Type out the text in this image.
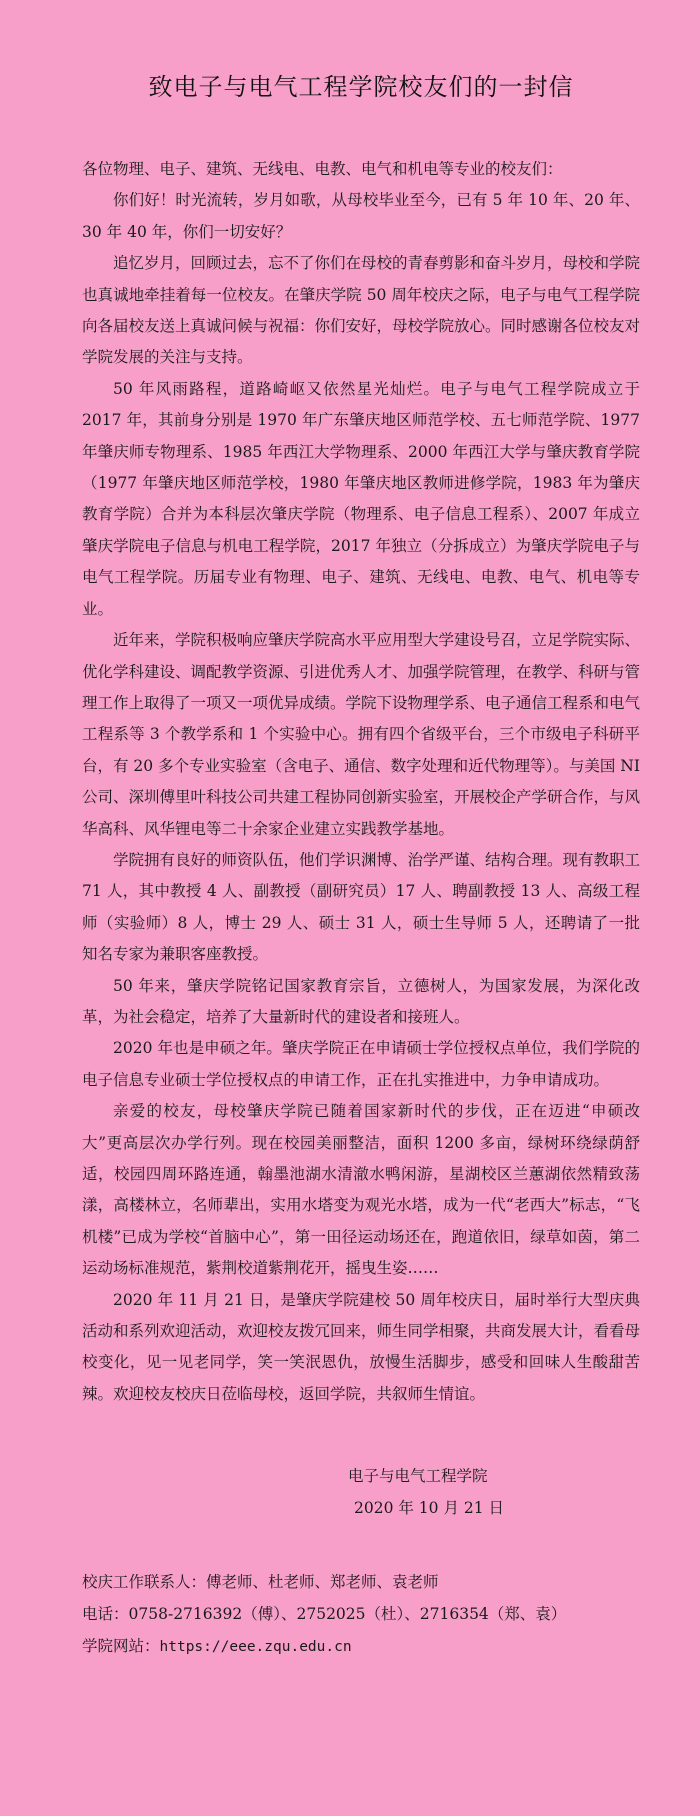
致电子与电气工程学院校友们的一封信

各位物理、电子、建筑、无线电、电教、电气和机电等专业的校友们：

你们好！时光流转，岁月如歌，从母校毕业至今，已有 5 年 10 年、20 年、30 年 40 年，你们一切安好？

追忆岁月，回顾过去，忘不了你们在母校的青春剪影和奋斗岁月，母校和学院也真诚地牵挂着每一位校友。在肇庆学院 50 周年校庆之际，电子与电气工程学院向各届校友送上真诚问候与祝福：你们安好，母校学院放心。同时感谢各位校友对学院发展的关注与支持。

50 年风雨路程，道路崎岖又依然星光灿烂。电子与电气工程学院成立于 2017 年，其前身分别是 1970 年广东肇庆地区师范学校、五七师范学院、1977 年肇庆师专物理系、1985 年西江大学物理系、2000 年西江大学与肇庆教育学院（1977 年肇庆地区师范学校，1980 年肇庆地区教师进修学院，1983 年为肇庆教育学院）合并为本科层次肇庆学院（物理系、电子信息工程系）、2007 年成立肇庆学院电子信息与机电工程学院，2017 年独立（分拆成立）为肇庆学院电子与电气工程学院。历届专业有物理、电子、建筑、无线电、电教、电气、机电等专业。

近年来，学院积极响应肇庆学院高水平应用型大学建设号召，立足学院实际、优化学科建设、调配教学资源、引进优秀人才、加强学院管理，在教学、科研与管理工作上取得了一项又一项优异成绩。学院下设物理学系、电子通信工程系和电气工程系等 3 个教学系和 1 个实验中心。拥有四个省级平台，三个市级电子科研平台，有 20 多个专业实验室（含电子、通信、数字处理和近代物理等）。与美国 NI 公司、深圳傅里叶科技公司共建工程协同创新实验室，开展校企产学研合作，与风华高科、风华锂电等二十余家企业建立实践教学基地。

学院拥有良好的师资队伍，他们学识渊博、治学严谨、结构合理。现有教职工 71 人，其中教授 4 人、副教授（副研究员）17 人、聘副教授 13 人、高级工程师（实验师）8 人，博士 29 人、硕士 31 人，硕士生导师 5 人，还聘请了一批知名专家为兼职客座教授。

50 年来，肇庆学院铭记国家教育宗旨，立德树人，为国家发展，为深化改革，为社会稳定，培养了大量新时代的建设者和接班人。

2020 年也是申硕之年。肇庆学院正在申请硕士学位授权点单位，我们学院的电子信息专业硕士学位授权点的申请工作，正在扎实推进中，力争申请成功。

亲爱的校友，母校肇庆学院已随着国家新时代的步伐，正在迈进“申硕改大”更高层次办学行列。现在校园美丽整洁，面积 1200 多亩，绿树环绕绿荫舒适，校园四周环路连通，翰墨池湖水清澈水鸭闲游，星湖校区兰蕙湖依然精致荡漾，高楼林立，名师辈出，实用水塔变为观光水塔，成为一代“老西大”标志，“飞机楼”已成为学校“首脑中心”，第一田径运动场还在，跑道依旧，绿草如茵，第二运动场标准规范，紫荆校道紫荆花开，摇曳生姿……

2020 年 11 月 21 日，是肇庆学院建校 50 周年校庆日，届时举行大型庆典活动和系列欢迎活动，欢迎校友拨冗回来，师生同学相聚，共商发展大计，看看母校变化，见一见老同学，笑一笑泯恩仇，放慢生活脚步，感受和回味人生酸甜苦辣。欢迎校友校庆日莅临母校，返回学院，共叙师生情谊。

电子与电气工程学院
2020 年 10 月 21 日
校庆工作联系人：傅老师、杜老师、郑老师、袁老师
电话：0758-2716392（傅）、2752025（杜）、2716354（郑、袁）
学院网站：https://eee.zqu.edu.cn
